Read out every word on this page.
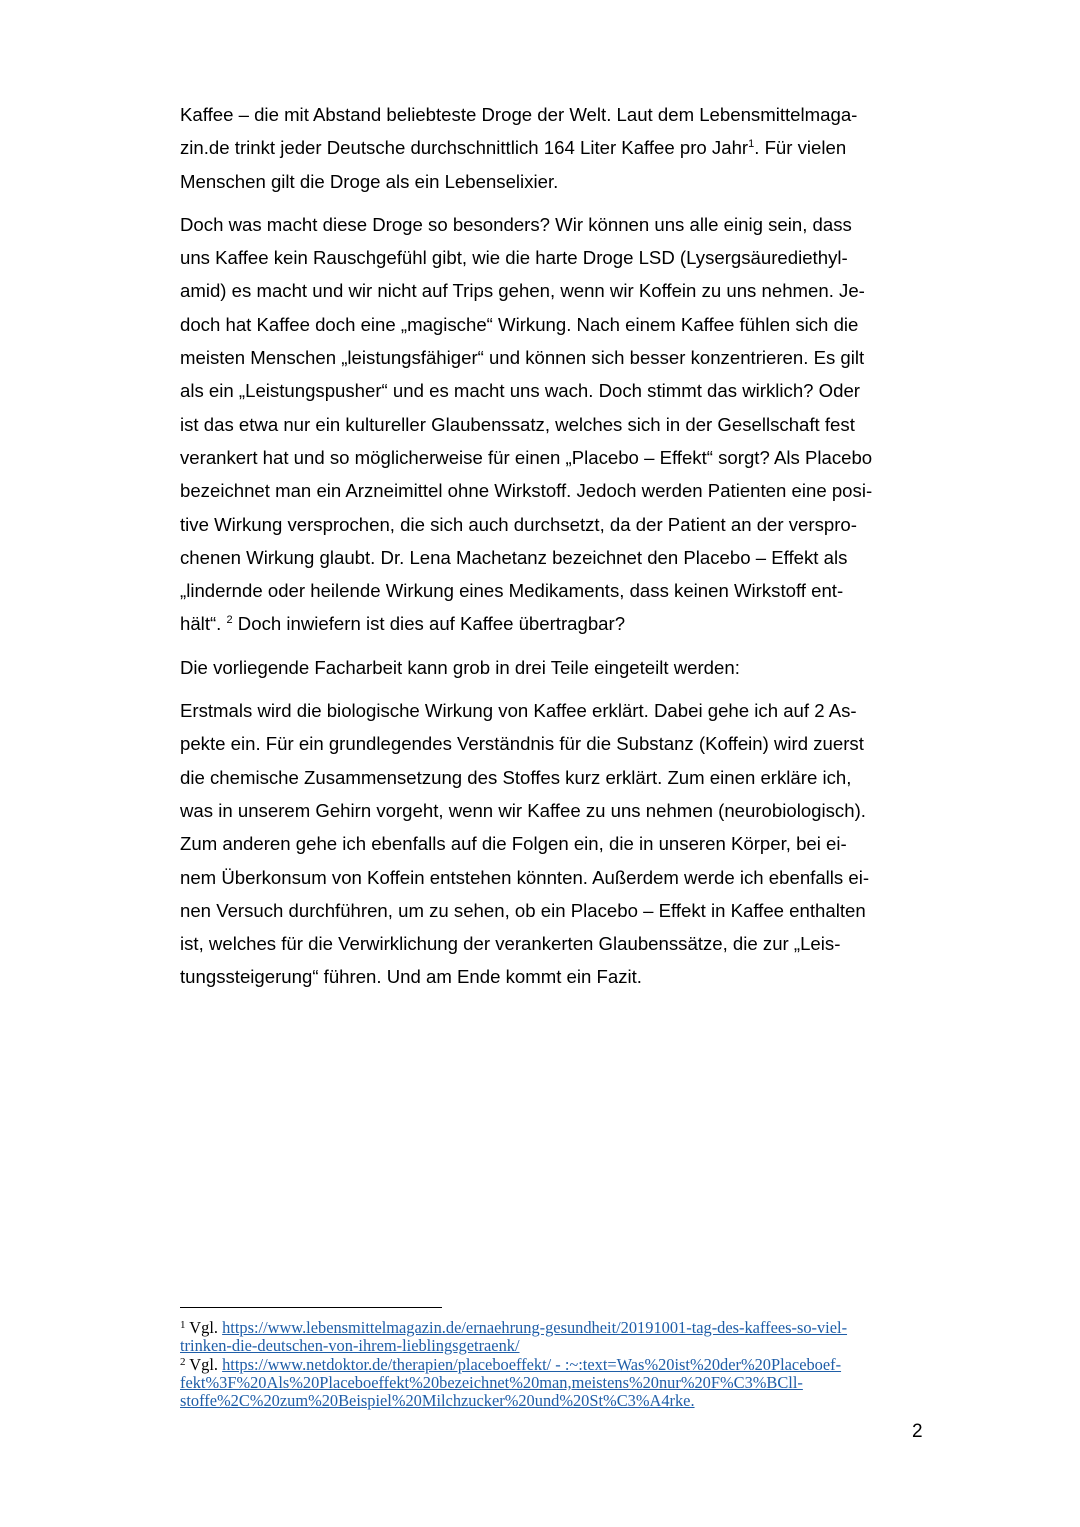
Kaffee – die mit Abstand beliebteste Droge der Welt. Laut dem Lebensmittelmaga-
zin.de trinkt jeder Deutsche durchschnittlich 164 Liter Kaffee pro Jahr$^1$. Für vielen
Menschen gilt die Droge als ein Lebenselixier.

Doch was macht diese Droge so besonders? Wir können uns alle einig sein, dass
uns Kaffee kein Rauschgefühl gibt, wie die harte Droge LSD (Lysergsäurediethyl-
amid) es macht und wir nicht auf Trips gehen, wenn wir Koffein zu uns nehmen. Je-
doch hat Kaffee doch eine „magische“ Wirkung. Nach einem Kaffee fühlen sich die
meisten Menschen „leistungsfähiger“ und können sich besser konzentrieren. Es gilt
als ein „Leistungspusher“ und es macht uns wach. Doch stimmt das wirklich? Oder
ist das etwa nur ein kultureller Glaubenssatz, welches sich in der Gesellschaft fest
verankert hat und so möglicherweise für einen „Placebo – Effekt“ sorgt? Als Placebo
bezeichnet man ein Arzneimittel ohne Wirkstoff. Jedoch werden Patienten eine posi-
tive Wirkung versprochen, die sich auch durchsetzt, da der Patient an der verspro-
chenen Wirkung glaubt. Dr. Lena Machetanz bezeichnet den Placebo – Effekt als
„lindernde oder heilende Wirkung eines Medikaments, dass keinen Wirkstoff ent-
hält“. $^2$ Doch inwiefern ist dies auf Kaffee übertragbar?

Die vorliegende Facharbeit kann grob in drei Teile eingeteilt werden:

Erstmals wird die biologische Wirkung von Kaffee erklärt. Dabei gehe ich auf 2 As-
pekte ein. Für ein grundlegendes Verständnis für die Substanz (Koffein) wird zuerst
die chemische Zusammensetzung des Stoffes kurz erklärt. Zum einen erkläre ich,
was in unserem Gehirn vorgeht, wenn wir Kaffee zu uns nehmen (neurobiologisch).
Zum anderen gehe ich ebenfalls auf die Folgen ein, die in unseren Körper, bei ei-
nem Überkonsum von Koffein entstehen könnten. Außerdem werde ich ebenfalls ei-
nen Versuch durchführen, um zu sehen, ob ein Placebo – Effekt in Kaffee enthalten
ist, welches für die Verwirklichung der verankerten Glaubenssätze, die zur „Leis-
tungssteigerung“ führen. Und am Ende kommt ein Fazit.

$^1$ Vgl. https://www.lebensmittelmagazin.de/ernaehrung-gesundheit/20191001-tag-des-kaffees-so-viel-
trinken-die-deutschen-von-ihrem-lieblingsgetraenk/
$^2$ Vgl. https://www.netdoktor.de/therapien/placeboeffekt/ - :~:text=Was%20ist%20der%20Placeboef-
fekt%3F%20Als%20Placeboeffekt%20bezeichnet%20man,meistens%20nur%20F%C3%BCll-
stoffe%2C%20zum%20Beispiel%20Milchzucker%20und%20St%C3%A4rke.
2
